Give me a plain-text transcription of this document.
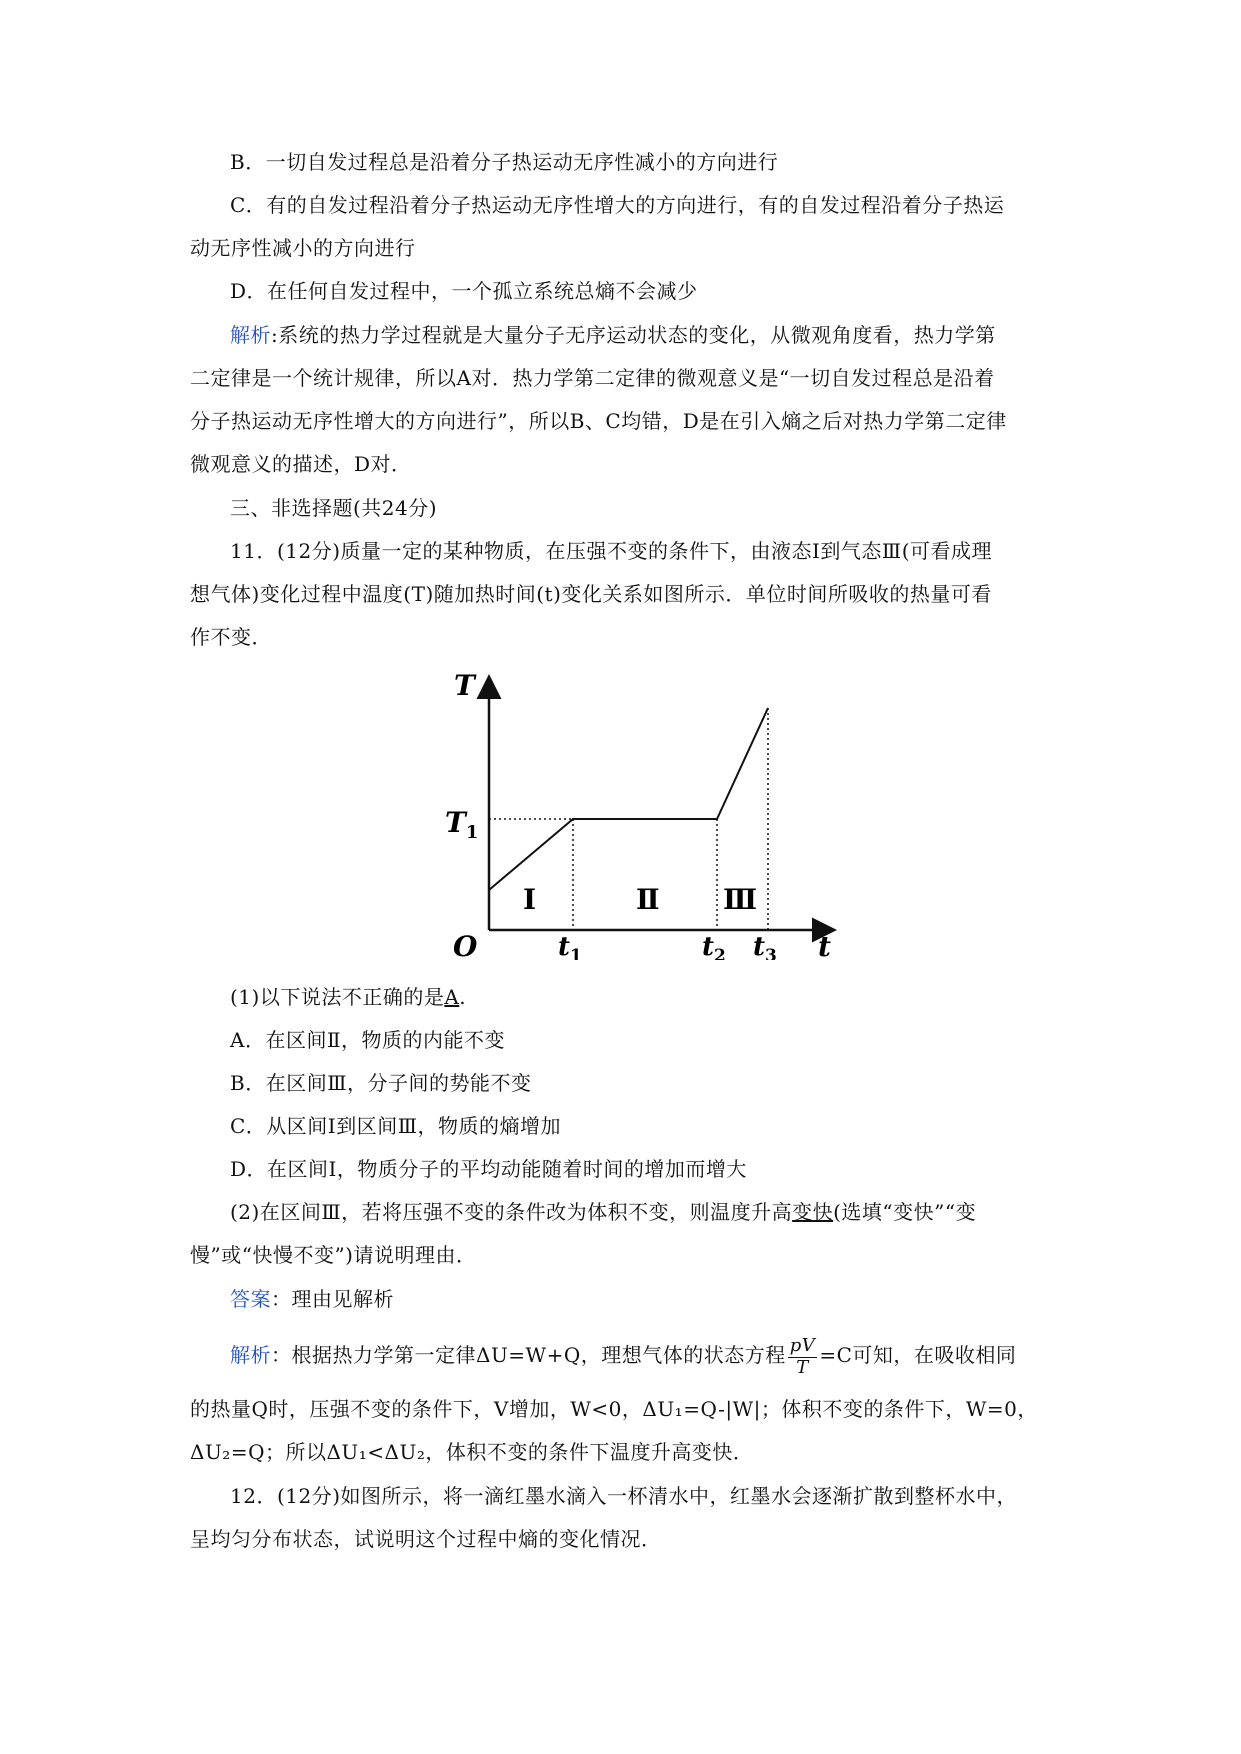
B．一切自发过程总是沿着分子热运动无序性减小的方向进行
C．有的自发过程沿着分子热运动无序性增大的方向进行，有的自发过程沿着分子热运
动无序性减小的方向进行
D．在任何自发过程中，一个孤立系统总熵不会减少
解析:系统的热力学过程就是大量分子无序运动状态的变化，从微观角度看，热力学第
二定律是一个统计规律，所以A对．热力学第二定律的微观意义是“一切自发过程总是沿着
分子热运动无序性增大的方向进行”，所以B、C均错，D是在引入熵之后对热力学第二定律
微观意义的描述，D对．
三、非选择题(共24分)
11．(12分)质量一定的某种物质，在压强不变的条件下，由液态Ⅰ到气态Ⅲ(可看成理
想气体)变化过程中温度(T)随加热时间(t)变化关系如图所示．单位时间所吸收的热量可看
作不变．
T
t
O
$T_1$
$t_1$	$t_2$ $t_3$
Ⅰ	Ⅱ Ⅲ
(1)以下说法不正确的是A.
A．在区间Ⅱ，物质的内能不变
B．在区间Ⅲ，分子间的势能不变
C．从区间Ⅰ到区间Ⅲ，物质的熵增加
D．在区间Ⅰ，物质分子的平均动能随着时间的增加而增大
(2)在区间Ⅲ，若将压强不变的条件改为体积不变，则温度升高变快(选填“变快”“变
慢”或“快慢不变”)请说明理由．
答案：理由见解析
解析：根据热力学第一定律ΔU=W+Q，理想气体的状态方程 $\frac{pV}{T} =C$可知，在吸收相同
的热量Q时，压强不变的条件下，V增加，W<0，ΔU₁=Q-|W|；体积不变的条件下，W=0，
ΔU₂=Q；所以ΔU₁<ΔU₂，体积不变的条件下温度升高变快．
12．(12分)如图所示，将一滴红墨水滴入一杯清水中，红墨水会逐渐扩散到整杯水中，
呈均匀分布状态，试说明这个过程中熵的变化情况．
